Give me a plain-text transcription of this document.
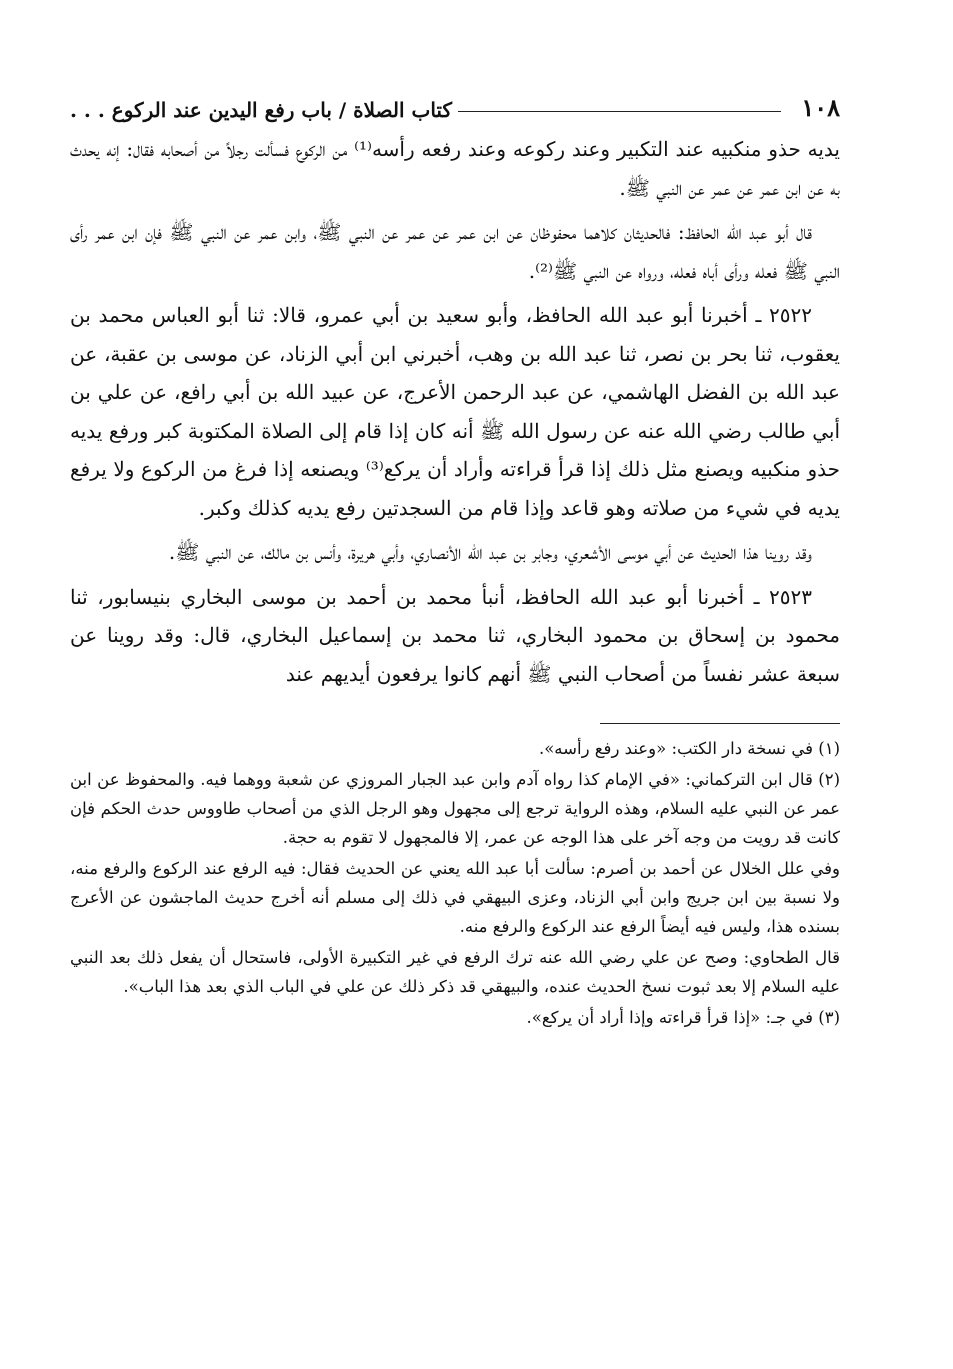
١٠٨
كتاب الصلاة / باب رفع اليدين عند الركوع . . .

يديه حذو منكبيه عند التكبير وعند ركوعه وعند رفعه رأسه⁽¹⁾ من الركوع فسألت رجلاً من أصحابه فقال: إنه يحدث به عن ابن عمر عن عمر عن النبي ﷺ.

قال أبو عبد الله الحافظ: فالحديثان كلاهما محفوظان عن ابن عمر عن عمر عن النبي ﷺ، وابن عمر عن النبي ﷺ فإن ابن عمر رأى النبي ﷺ فعله ورأى أباه فعله، ورواه عن النبي ﷺ⁽²⁾.

٢٥٢٢ ـ أخبرنا أبو عبد الله الحافظ، وأبو سعيد بن أبي عمرو، قالا: ثنا أبو العباس محمد بن يعقوب، ثنا بحر بن نصر، ثنا عبد الله بن وهب، أخبرني ابن أبي الزناد، عن موسى بن عقبة، عن عبد الله بن الفضل الهاشمي، عن عبد الرحمن الأعرج، عن عبيد الله بن أبي رافع، عن علي بن أبي طالب رضي الله عنه عن رسول الله ﷺ أنه كان إذا قام إلى الصلاة المكتوبة كبر ورفع يديه حذو منكبيه ويصنع مثل ذلك إذا قرأ قراءته وأراد أن يركع⁽³⁾ ويصنعه إذا فرغ من الركوع ولا يرفع يديه في شيء من صلاته وهو قاعد وإذا قام من السجدتين رفع يديه كذلك وكبر.

وقد روينا هذا الحديث عن أبي موسى الأشعري، وجابر بن عبد الله الأنصاري، وأبي هريرة، وأنس بن مالك، عن النبي ﷺ.

٢٥٢٣ ـ أخبرنا أبو عبد الله الحافظ، أنبأ محمد بن أحمد بن موسى البخاري بنيسابور، ثنا محمود بن إسحاق بن محمود البخاري، ثنا محمد بن إسماعيل البخاري، قال: وقد روينا عن سبعة عشر نفساً من أصحاب النبي ﷺ أنهم كانوا يرفعون أيديهم عند

(١) في نسخة دار الكتب: «وعند رفع رأسه».

(٢) قال ابن التركماني: «في الإمام كذا رواه آدم وابن عبد الجبار المروزي عن شعبة ووهما فيه. والمحفوظ عن ابن عمر عن النبي عليه السلام، وهذه الرواية ترجع إلى مجهول وهو الرجل الذي من أصحاب طاووس حدث الحكم فإن كانت قد رويت من وجه آخر على هذا الوجه عن عمر، إلا فالمجهول لا تقوم به حجة.

وفي علل الخلال عن أحمد بن أصرم: سألت أبا عبد الله يعني عن الحديث فقال: فيه الرفع عند الركوع والرفع منه، ولا نسبة بين ابن جريج وابن أبي الزناد، وعزى البيهقي في ذلك إلى مسلم أنه أخرج حديث الماجشون عن الأعرج بسنده هذا، وليس فيه أيضاً الرفع عند الركوع والرفع منه.

قال الطحاوي: وصح عن علي رضي الله عنه ترك الرفع في غير التكبيرة الأولى، فاستحال أن يفعل ذلك بعد النبي عليه السلام إلا بعد ثبوت نسخ الحديث عنده، والبيهقي قد ذكر ذلك عن علي في الباب الذي بعد هذا الباب».

(٣) في جـ: «إذا قرأ قراءته وإذا أراد أن يركع».
